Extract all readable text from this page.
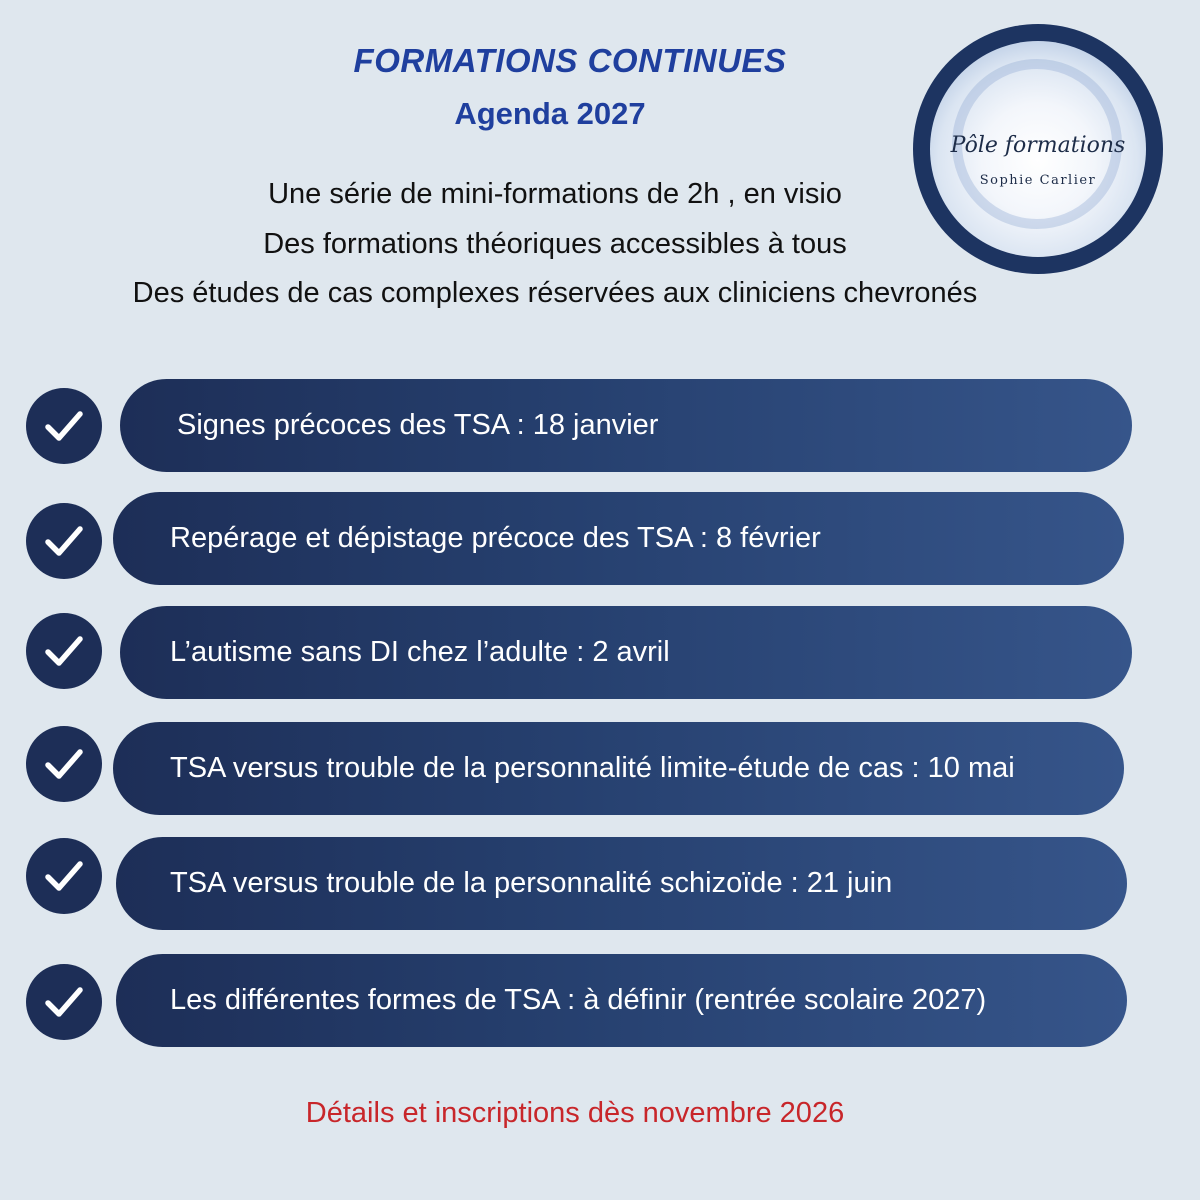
FORMATIONS CONTINUES
Agenda 2027
Une série de mini-formations de 2h , en visio
Des formations théoriques accessibles à tous
Des études de cas complexes réservées aux cliniciens chevronés
Pôle formations
Sophie Carlier
Signes précoces des TSA : 18 janvier
Repérage et dépistage précoce des TSA : 8 février
L’autisme sans DI chez l’adulte : 2 avril
TSA versus trouble de la personnalité limite-étude de cas : 10 mai
TSA versus trouble de la personnalité schizoïde : 21 juin
Les différentes formes de TSA : à définir (rentrée scolaire 2027)
Détails et inscriptions dès novembre 2026
